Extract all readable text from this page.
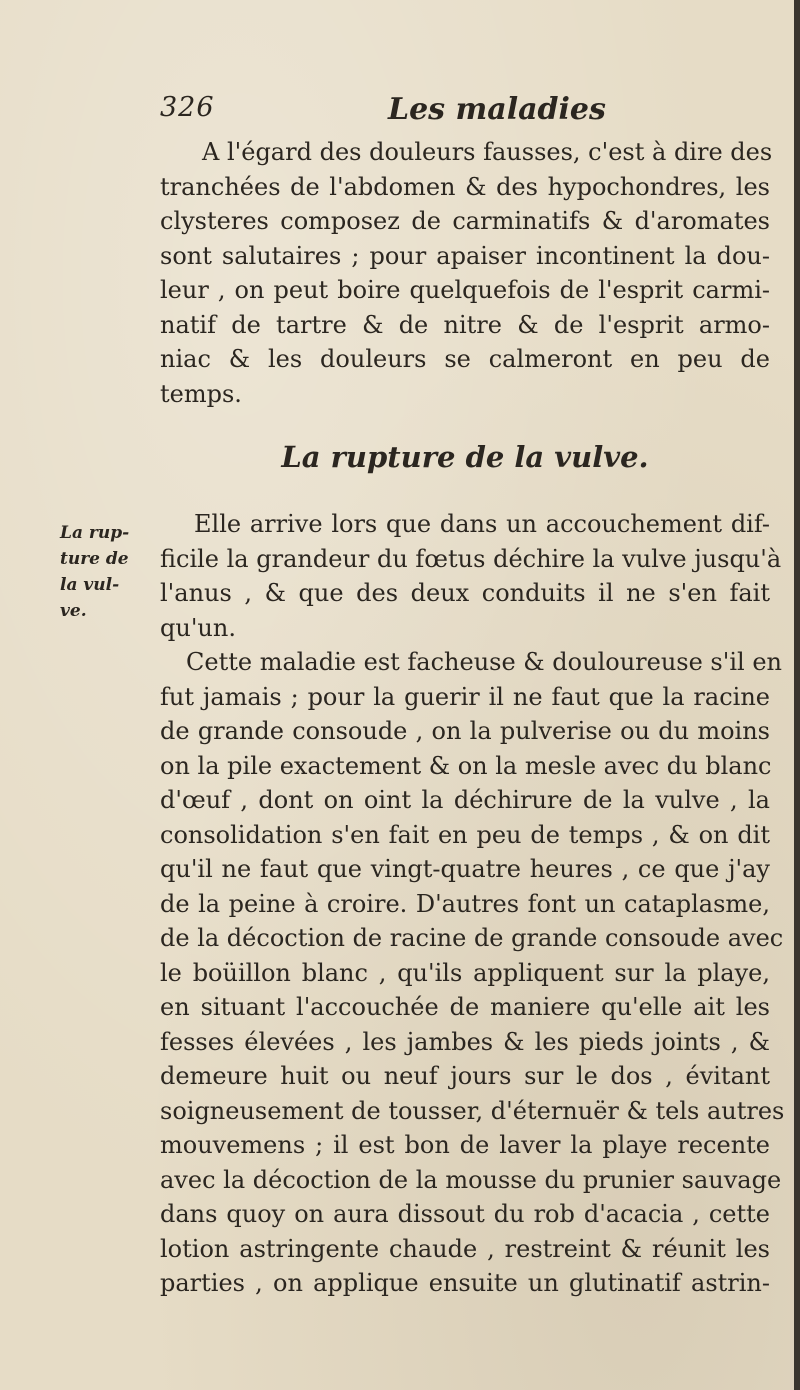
326	Les maladies
A l'égard des douleurs fausses, c'est à dire des
tranchées de l'abdomen & des hypochondres, les
clysteres composez de carminatifs & d'aromates
sont salutaires ; pour apaiser incontinent la dou-
leur , on peut boire quelquefois de l'esprit carmi-
natif de tartre & de nitre & de l'esprit armo-
niac & les douleurs se calmeront en peu de
temps.
La rupture de la vulve.
La rup-
ture de
la vul-
ve.
Elle arrive lors que dans un accouchement dif-
ficile la grandeur du fœtus déchire la vulve jusqu'à
l'anus , & que des deux conduits il ne s'en fait
qu'un.
Cette maladie est facheuse & douloureuse s'il en
fut jamais ; pour la guerir il ne faut que la racine
de grande consoude , on la pulverise ou du moins
on la pile exactement & on la mesle avec du blanc
d'œuf , dont on oint la déchirure de la vulve , la
consolidation s'en fait en peu de temps , & on dit
qu'il ne faut que vingt-quatre heures , ce que j'ay
de la peine à croire. D'autres font un cataplasme,
de la décoction de racine de grande consoude avec
le boüillon blanc , qu'ils appliquent sur la playe,
en situant l'accouchée de maniere qu'elle ait les
fesses élevées , les jambes & les pieds joints , &
demeure huit ou neuf jours sur le dos , évitant
soigneusement de tousser, d'éternuër & tels autres
mouvemens ; il est bon de laver la playe recente
avec la décoction de la mousse du prunier sauvage
dans quoy on aura dissout du rob d'acacia , cette
lotion astringente chaude , restreint & réunit les
parties , on applique ensuite un glutinatif astrin-
